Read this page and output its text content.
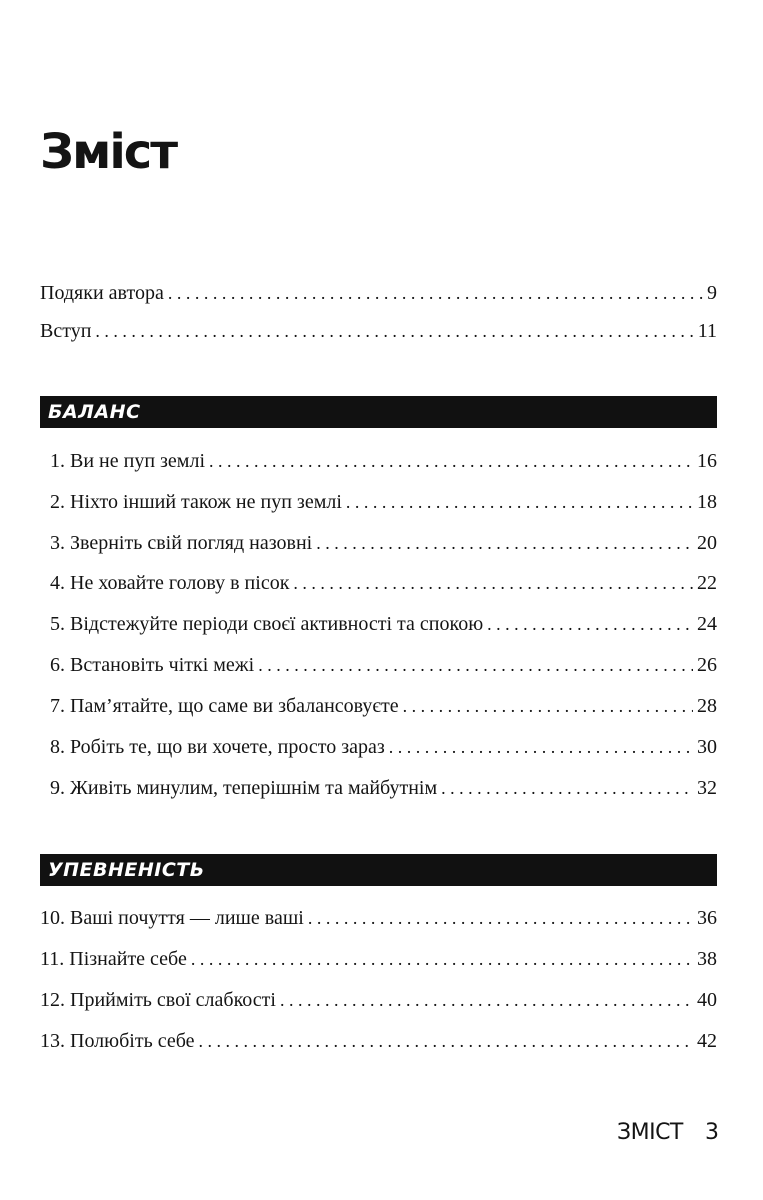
Зміст
Подяки автора . . .	9
Вступ . . .	11
БАЛАНС
1. Ви не пуп землі . . .	16
2. Ніхто інший також не пуп землі . . .	18
3. Зверніть свій погляд назовні . . .	20
4. Не ховайте голову в пісок . . .	22
5. Відстежуйте періоди своєї активності та спокою . . .	24
6. Встановіть чіткі межі . . .	26
7. Пам’ятайте, що саме ви збалансовуєте . . .	28
8. Робіть те, що ви хочете, просто зараз . . .	30
9. Живіть минулим, теперішнім та майбутнім . . .	32
УПЕВНЕНІСТЬ
10. Ваші почуття — лише ваші . . .	36
11. Пізнайте себе . . .	38
12. Прийміть свої слабкості . . .	40
13. Полюбіть себе . . .	42
ЗМІСТ 3
